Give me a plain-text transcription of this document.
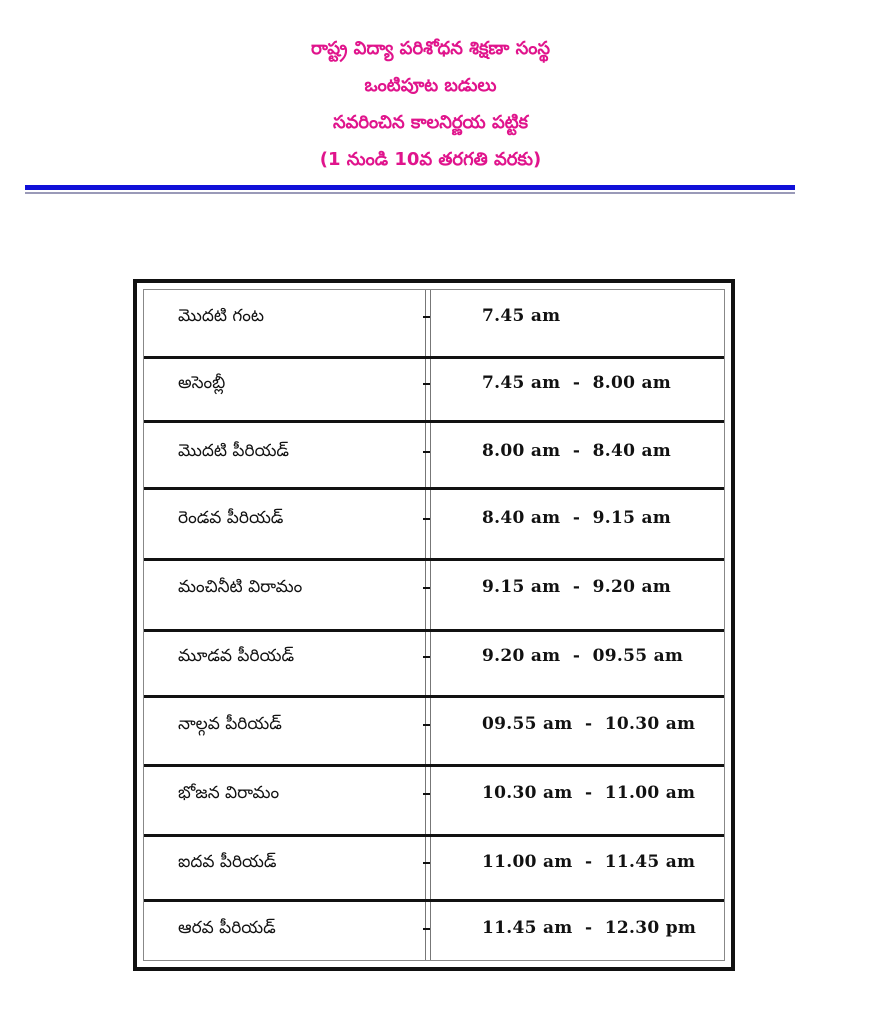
రాష్ట్ర విద్యా పరిశోధన శిక్షణా సంస్థ
ఒంటిపూట బడులు
సవరించిన కాలనిర్ణయ పట్టిక
(1 నుండి 10వ తరగతి వరకు)
మొదటి గంట	7.45 am
అసెంబ్లీ	7.45 am  -  8.00 am
మొదటి పీరియడ్	8.00 am  -  8.40 am
రెండవ పీరియడ్	8.40 am  -  9.15 am
మంచినీటి విరామం	9.15 am  -  9.20 am
మూడవ పీరియడ్	9.20 am  -  09.55 am
నాల్గవ పీరియడ్	09.55 am  -  10.30 am
భోజన విరామం	10.30 am  -  11.00 am
ఐదవ పీరియడ్	11.00 am  -  11.45 am
ఆరవ పీరియడ్	11.45 am  -  12.30 pm
